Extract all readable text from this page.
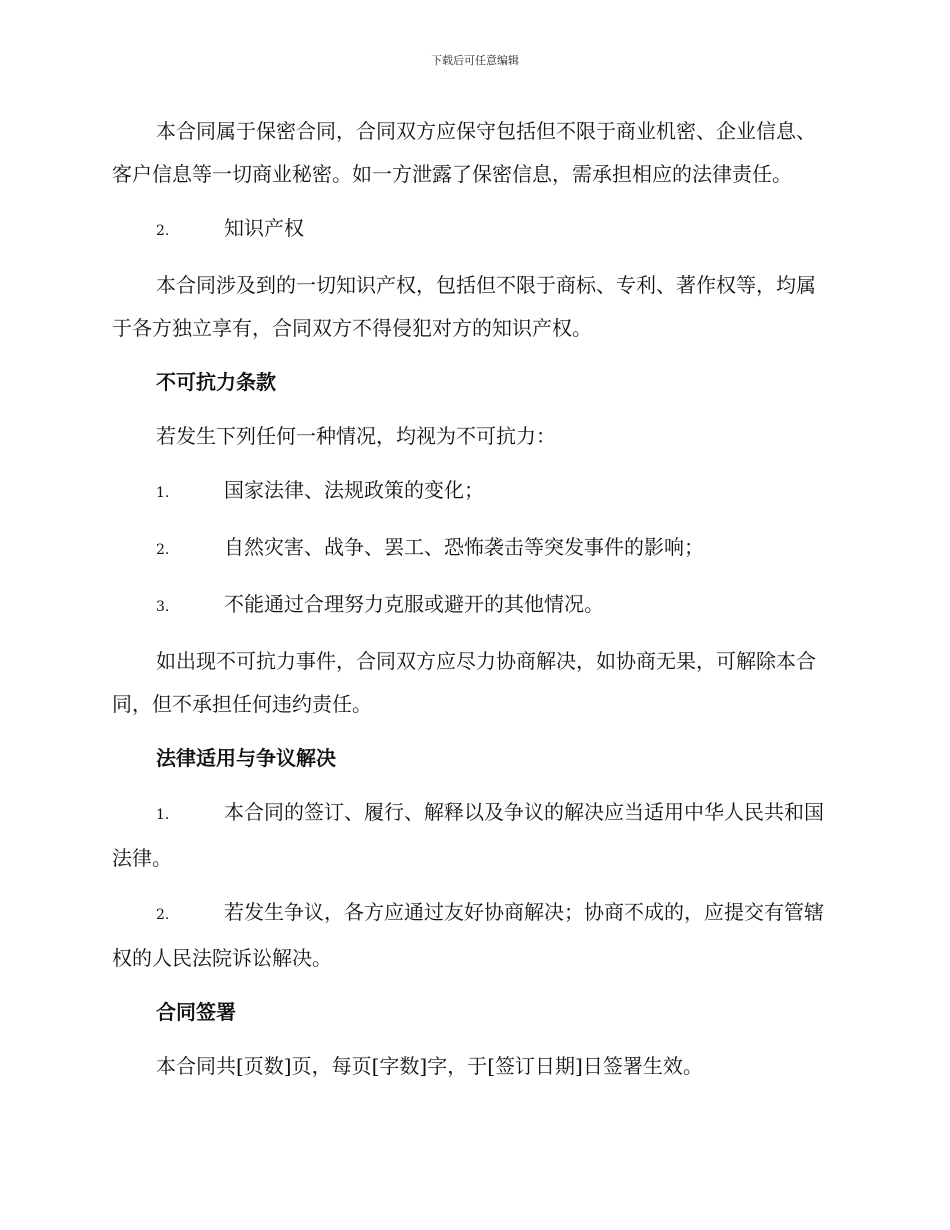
下载后可任意编辑

本合同属于保密合同，合同双方应保守包括但不限于商业机密、企业信息、客户信息等一切商业秘密。如一方泄露了保密信息，需承担相应的法律责任。

2.	知识产权

本合同涉及到的一切知识产权，包括但不限于商标、专利、著作权等，均属于各方独立享有，合同双方不得侵犯对方的知识产权。

不可抗力条款

若发生下列任何一种情况，均视为不可抗力：

1.	国家法律、法规政策的变化；

2.	自然灾害、战争、罢工、恐怖袭击等突发事件的影响；

3.	不能通过合理努力克服或避开的其他情况。

如出现不可抗力事件，合同双方应尽力协商解决，如协商无果，可解除本合同，但不承担任何违约责任。

法律适用与争议解决

1.	本合同的签订、履行、解释以及争议的解决应当适用中华人民共和国法律。

2.	若发生争议，各方应通过友好协商解决；协商不成的，应提交有管辖权的人民法院诉讼解决。

合同签署

本合同共[页数]页，每页[字数]字，于[签订日期]日签署生效。
